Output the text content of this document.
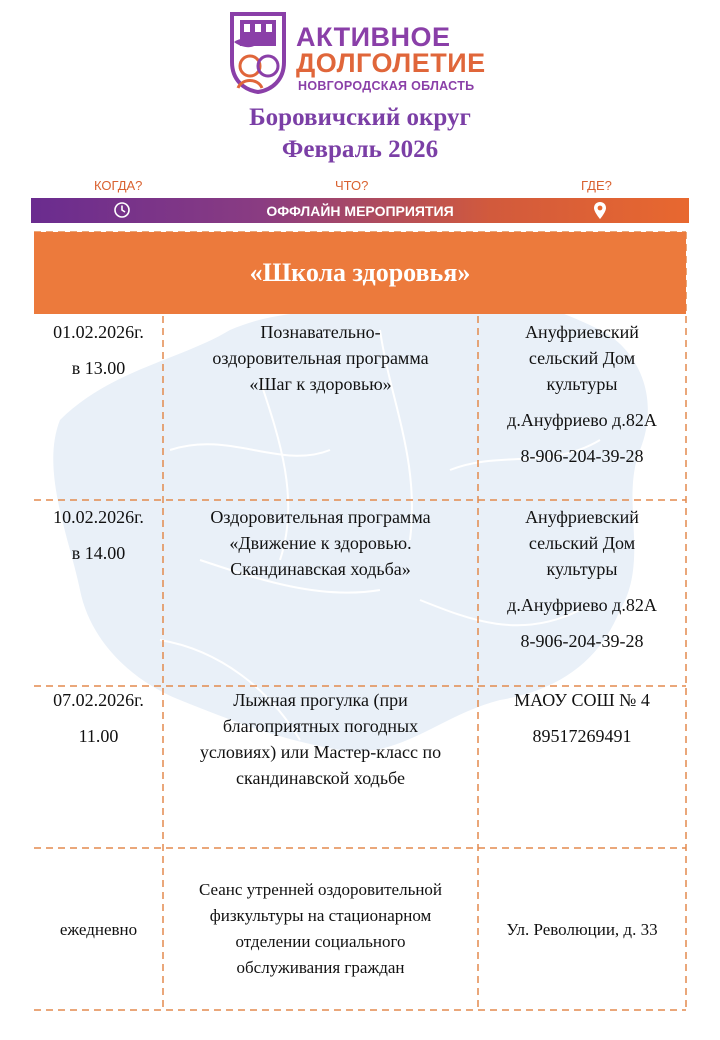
АКТИВНОЕ
ДОЛГОЛЕТИЕ
НОВГОРОДСКАЯ ОБЛАСТЬ
Боровичский округ
Февраль 2026
КОГДА?	ЧТО?	ГДЕ?
ОФФЛАЙН МЕРОПРИЯТИЯ
«Школа здоровья»
01.02.2026г.
в 13.00
Познавательно-
оздоровительная программа
«Шаг к здоровью»
Ануфриевский
сельский Дом
культуры
д.Ануфриево д.82А
8-906-204-39-28
10.02.2026г.
в 14.00
Оздоровительная программа
«Движение к здоровью.
Скандинавская ходьба»
Ануфриевский
сельский Дом
культуры
д.Ануфриево д.82А
8-906-204-39-28
07.02.2026г.
11.00
Лыжная прогулка (при
благоприятных погодных
условиях) или Мастер-класс по
скандинавской ходьбе
МАОУ СОШ № 4
89517269491
ежедневно
Сеанс утренней оздоровительной
физкультуры на стационарном
отделении социального
обслуживания граждан
Ул. Революции, д. 33
